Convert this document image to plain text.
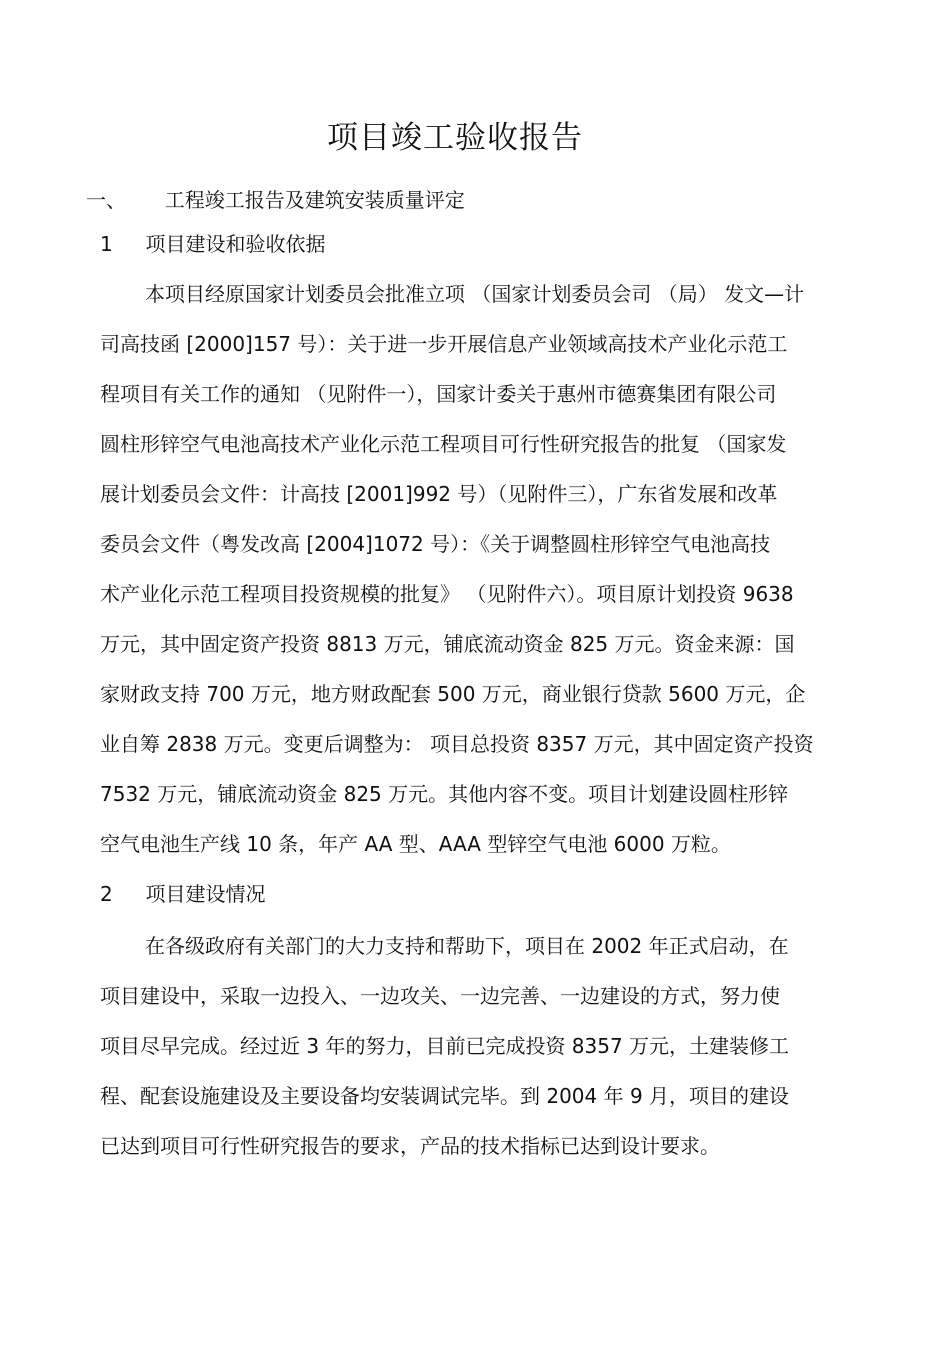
项目竣工验收报告
一、 工程竣工报告及建筑安装质量评定
1 项目建设和验收依据
本项目经原国家计划委员会批准立项 （国家计划委员会司 （局） 发文—计
司高技函 [2000]157 号）：关于进一步开展信息产业领域高技术产业化示范工
程项目有关工作的通知 （见附件一），国家计委关于惠州市德赛集团有限公司
圆柱形锌空气电池高技术产业化示范工程项目可行性研究报告的批复 （国家发
展计划委员会文件：计高技 [2001]992 号）（见附件三），广东省发展和改革
委员会文件（粤发改高 [2004]1072 号）：《关于调整圆柱形锌空气电池高技
术产业化示范工程项目投资规模的批复》 （见附件六）。项目原计划投资 9638
万元，其中固定资产投资 8813 万元，铺底流动资金 825 万元。资金来源：国
家财政支持 700 万元，地方财政配套 500 万元，商业银行贷款 5600 万元，企
业自筹 2838 万元。变更后调整为： 项目总投资 8357 万元，其中固定资产投资
7532 万元，铺底流动资金 825 万元。其他内容不变。项目计划建设圆柱形锌
空气电池生产线 10 条，年产 AA 型、AAA 型锌空气电池 6000 万粒。
2 项目建设情况
在各级政府有关部门的大力支持和帮助下，项目在 2002 年正式启动，在
项目建设中，采取一边投入、一边攻关、一边完善、一边建设的方式，努力使
项目尽早完成。经过近 3 年的努力，目前已完成投资 8357 万元，土建装修工
程、配套设施建设及主要设备均安装调试完毕。到 2004 年 9 月，项目的建设
已达到项目可行性研究报告的要求，产品的技术指标已达到设计要求。
